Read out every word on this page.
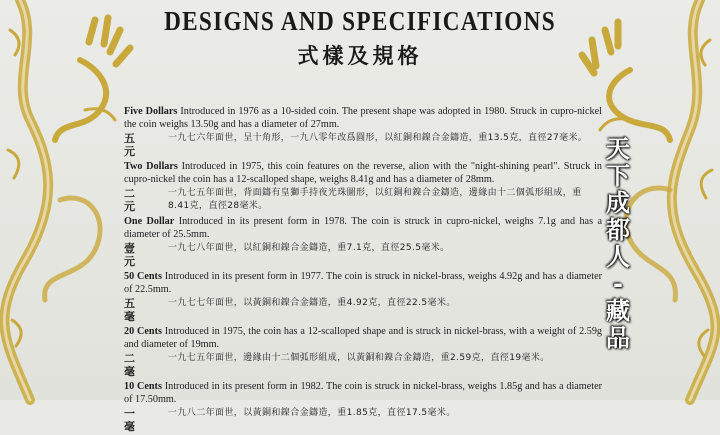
DESIGNS AND SPECIFICATIONS
式樣及規格

Five Dollars Introduced in 1976 as a 10-sided coin. The present shape was adopted in 1980. Struck in cupro-nickel the coin weighs 13.50g and has a diameter of 27mm.

五 元
一九七六年面世，呈十角形，一九八零年改爲圓形，以紅銅和鎳合金鑄造，重13.5克，直徑27毫米。

Two Dollars Introduced in 1975, this coin features on the reverse, alion with the "night-shining pearl". Struck in cupro-nickel the coin has a 12-scalloped shape, weighs 8.41g and has a diameter of 28mm.

二 元
一九七五年面世，背面鑄有皇獅手持夜光珠圖形，以紅銅和鎳合金鑄造，邊緣由十二個弧形組成，重8.41克，直徑28毫米。

One Dollar Introduced in its present form in 1978. The coin is struck in cupro-nickel, weighs 7.1g and has a diameter of 25.5mm.

壹 元
一九七八年面世，以紅銅和鎳合金鑄造，重7.1克，直徑25.5毫米。

50 Cents Introduced in its present form in 1977. The coin is struck in nickel-brass, weighs 4.92g and has a diameter of 22.5mm.

五 毫
一九七七年面世，以黃銅和鎳合金鑄造，重4.92克，直徑22.5毫米。

20 Cents Introduced in 1975, the coin has a 12-scalloped shape and is struck in nickel-brass, with a weight of 2.59g and diameter of 19mm.

二 毫
一九七五年面世，邊緣由十二個弧形組成，以黃銅和鎳合金鑄造，重2.59克，直徑19毫米。

10 Cents Introduced in its present form in 1982. The coin is struck in nickel-brass, weighs 1.85g and has a diameter of 17.50mm.

一 毫
一九八二年面世，以黃銅和鎳合金鑄造，重1.85克，直徑17.5毫米。
天
下
成
都
人
-
藏
品
